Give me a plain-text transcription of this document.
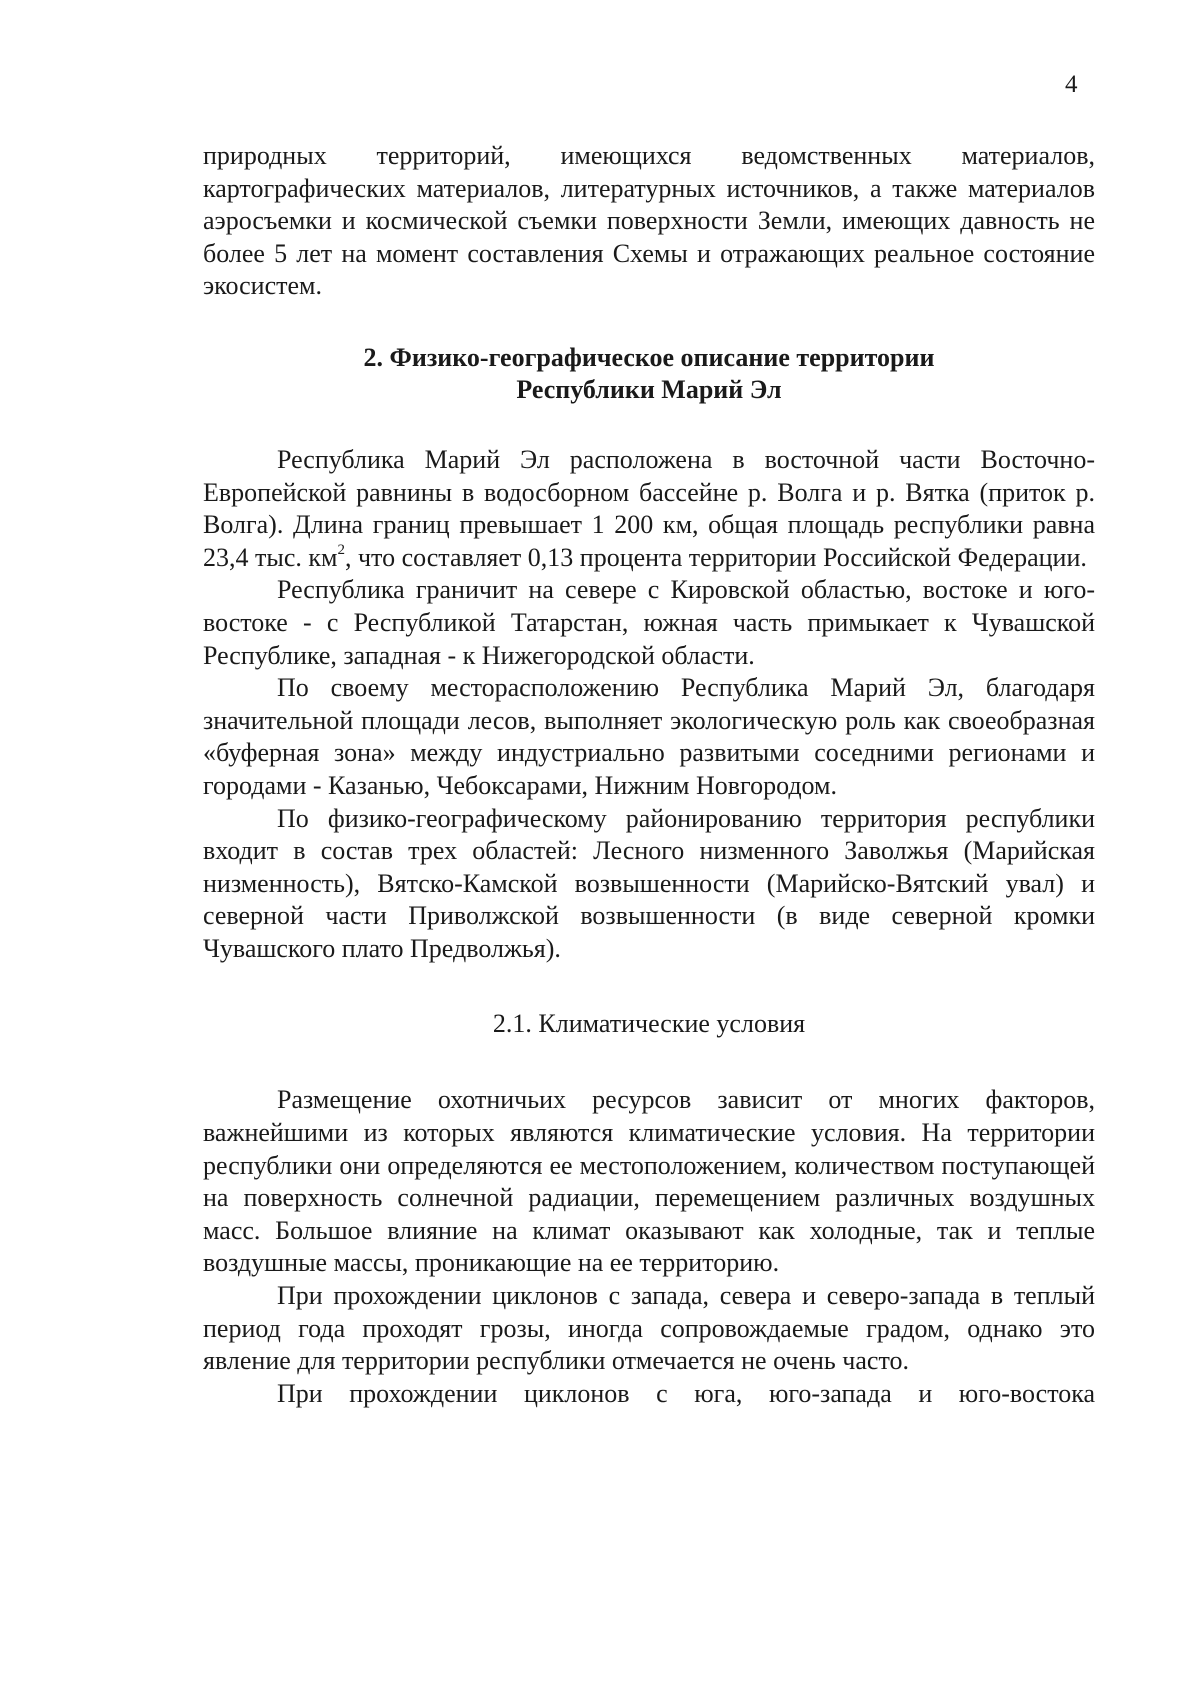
4

природных территорий, имеющихся ведомственных материалов, картографических материалов, литературных источников, а также материалов аэросъемки и космической съемки поверхности Земли, имеющих давность не более 5 лет на момент составления Схемы и отражающих реальное состояние экосистем.

2. Физико-географическое описание территории
Республики Марий Эл

Республика Марий Эл расположена в восточной части Восточно-Европейской равнины в водосборном бассейне р. Волга и р. Вятка (приток р. Волга). Длина границ превышает 1 200 км, общая площадь республики равна 23,4 тыс. $км^2$, что составляет 0,13 процента территории Российской Федерации.

Республика граничит на севере с Кировской областью, востоке и юго-востоке - с Республикой Татарстан, южная часть примыкает к Чувашской Республике, западная - к Нижегородской области.

По своему месторасположению Республика Марий Эл, благодаря значительной площади лесов, выполняет экологическую роль как своеобразная «буферная зона» между индустриально развитыми соседними регионами и городами - Казанью, Чебоксарами, Нижним Новгородом.

По физико-географическому районированию территория республики входит в состав трех областей: Лесного низменного Заволжья (Марийская низменность), Вятско-Камской возвышенности (Марийско-Вятский увал) и северной части Приволжской возвышенности (в виде северной кромки Чувашского плато Предволжья).

2.1. Климатические условия

Размещение охотничьих ресурсов зависит от многих факторов, важнейшими из которых являются климатические условия. На территории республики они определяются ее местоположением, количеством поступающей на поверхность солнечной радиации, перемещением различных воздушных масс. Большое влияние на климат оказывают как холодные, так и теплые воздушные массы, проникающие на ее территорию.

При прохождении циклонов с запада, севера и северо-запада в теплый период года проходят грозы, иногда сопровождаемые градом, однако это явление для территории республики отмечается не очень часто.

При прохождении циклонов с юга, юго-запада и юго-востока
